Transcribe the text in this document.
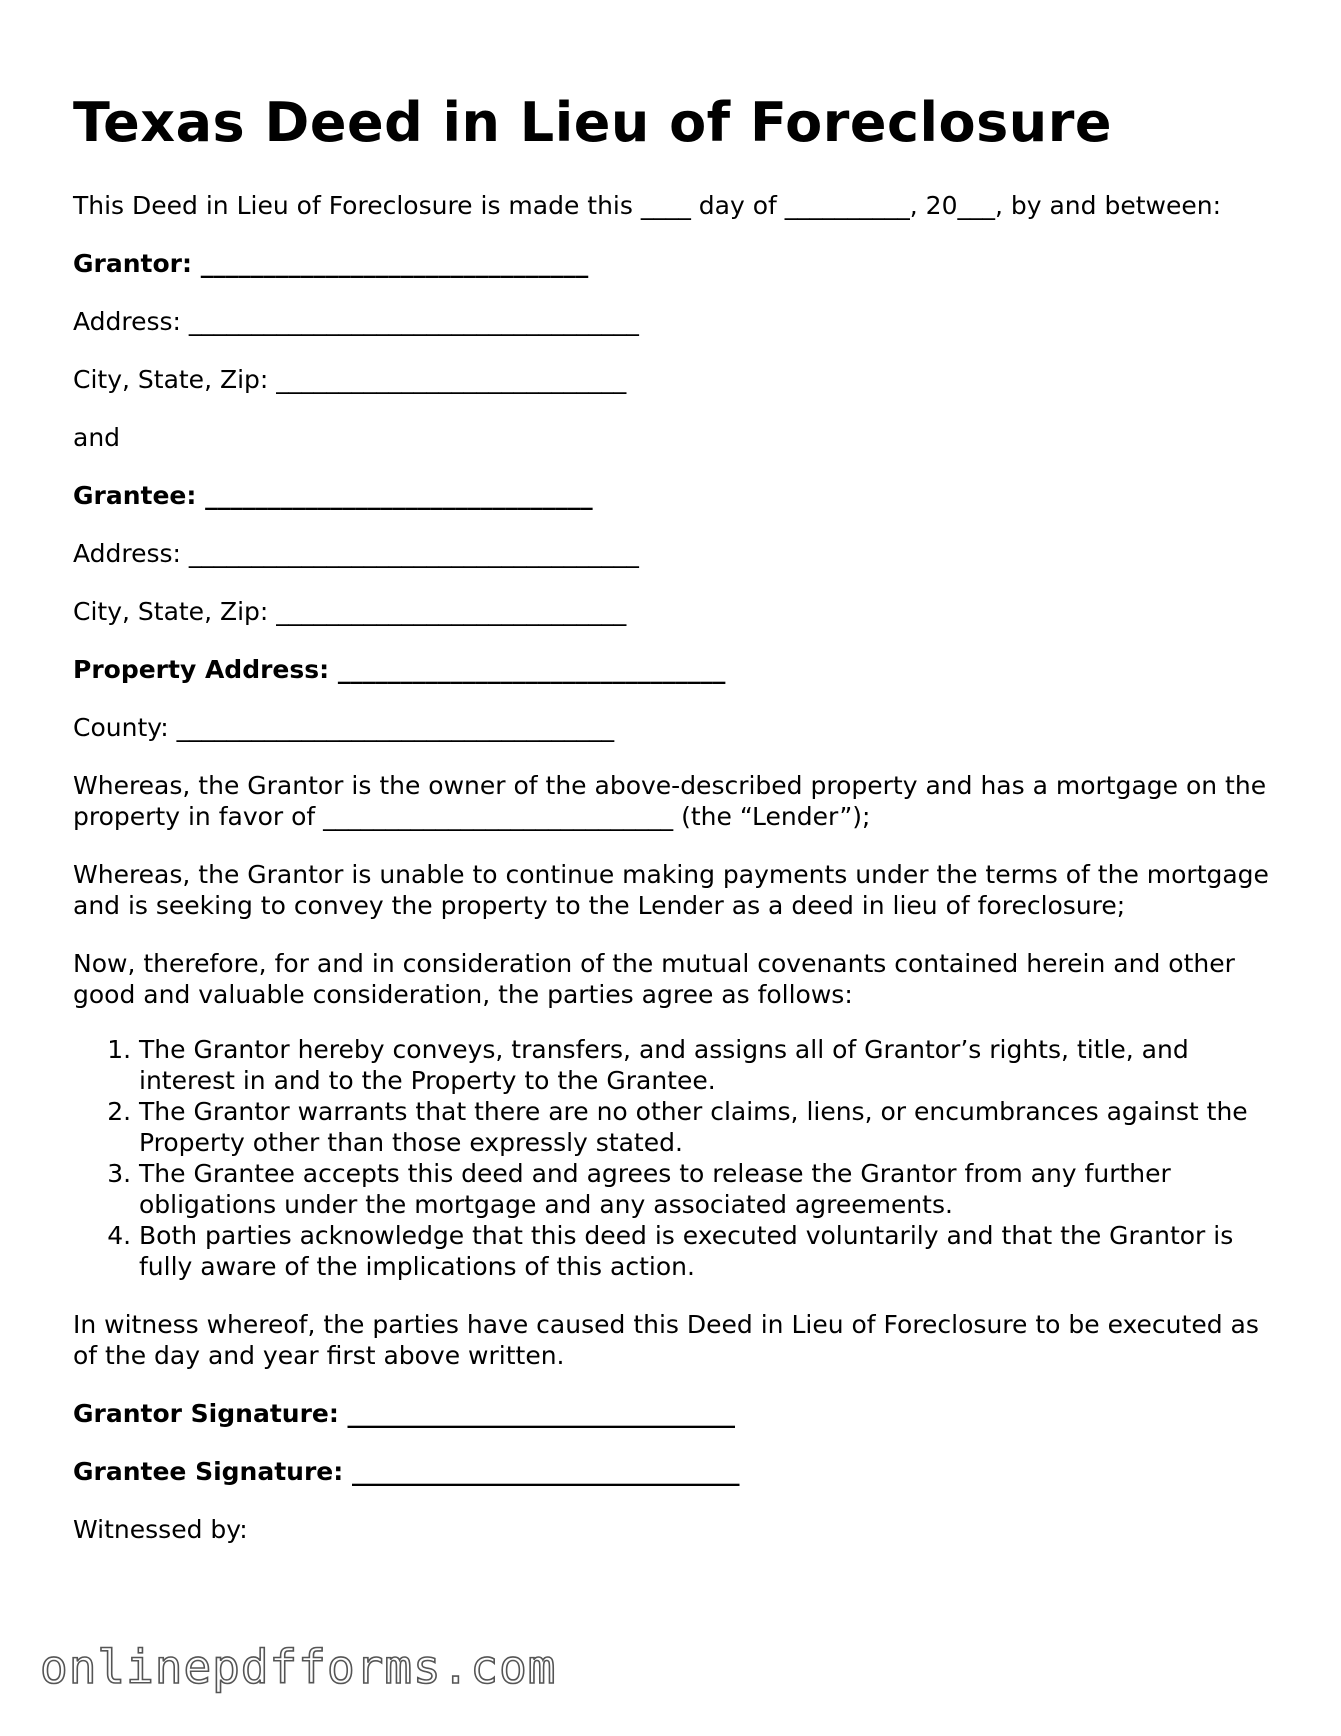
Texas Deed in Lieu of Foreclosure

This Deed in Lieu of Foreclosure is made this ____ day of __________, 20___, by and between:

Grantor: _______________________________

Address: ____________________________________

City, State, Zip: ____________________________

and

Grantee: _______________________________

Address: ____________________________________

City, State, Zip: ____________________________

Property Address: _______________________________

County: ___________________________________

Whereas, the Grantor is the owner of the above-described property and has a mortgage on the property in favor of ____________________________ (the “Lender”);

Whereas, the Grantor is unable to continue making payments under the terms of the mortgage and is seeking to convey the property to the Lender as a deed in lieu of foreclosure;

Now, therefore, for and in consideration of the mutual covenants contained herein and other good and valuable consideration, the parties agree as follows:

1. The Grantor hereby conveys, transfers, and assigns all of Grantor’s rights, title, and interest in and to the Property to the Grantee.
2. The Grantor warrants that there are no other claims, liens, or encumbrances against the Property other than those expressly stated.
3. The Grantee accepts this deed and agrees to release the Grantor from any further obligations under the mortgage and any associated agreements.
4. Both parties acknowledge that this deed is executed voluntarily and that the Grantor is fully aware of the implications of this action.

In witness whereof, the parties have caused this Deed in Lieu of Foreclosure to be executed as of the day and year first above written.

Grantor Signature: _______________________________

Grantee Signature: _______________________________

Witnessed by:

onlinepdfforms.com
